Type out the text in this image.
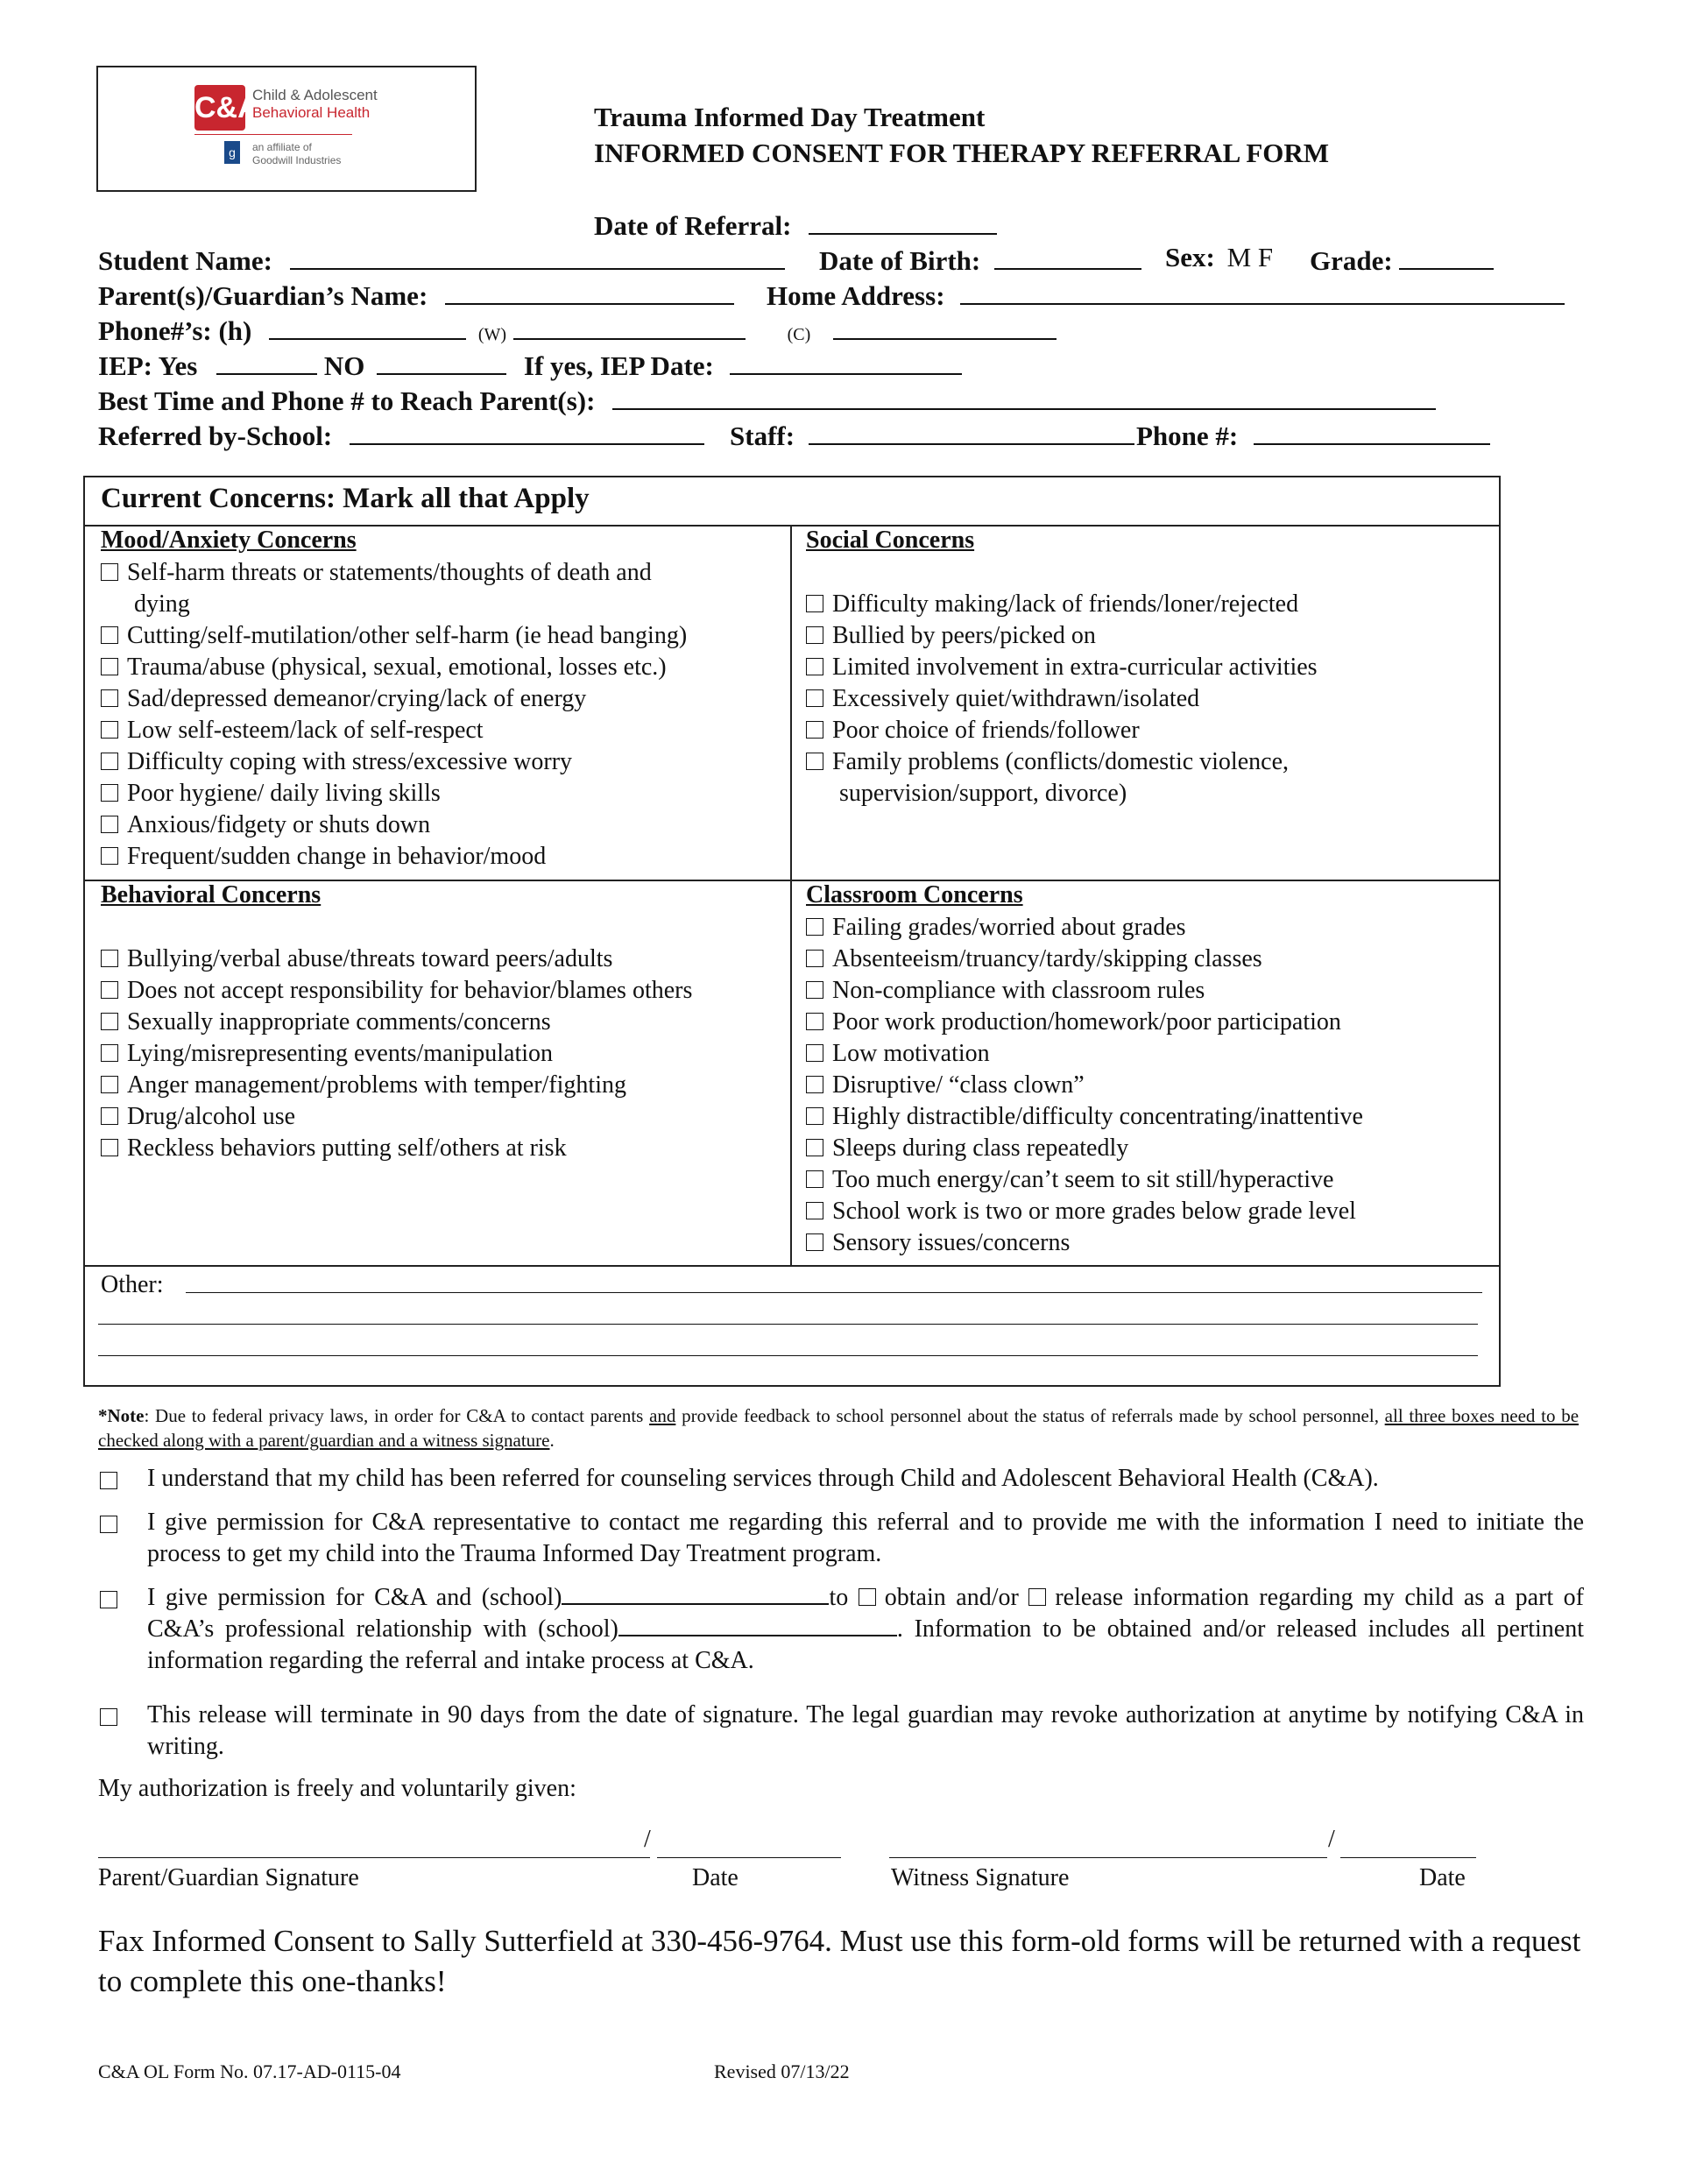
C&A
Child & Adolescent
Behavioral Health
g	an affiliate of
Goodwill Industries
Trauma Informed Day Treatment
INFORMED CONSENT FOR THERAPY REFERRAL FORM
Date of Referral:
Student Name:	Date of Birth:	Sex: M F Grade:
Parent(s)/Guardian’s Name:	Home Address:
Phone#’s: (h)	(W)	(C)
IEP: Yes	NO	If yes, IEP Date:
Best Time and Phone # to Reach Parent(s):
Referred by-School:	Staff:	Phone #:
Current Concerns: Mark all that Apply
Mood/Anxiety Concerns
Self-harm threats or statements/thoughts of death and
dying
Cutting/self-mutilation/other self-harm (ie head banging)
Trauma/abuse (physical, sexual, emotional, losses etc.)
Sad/depressed demeanor/crying/lack of energy
Low self-esteem/lack of self-respect
Difficulty coping with stress/excessive worry
Poor hygiene/ daily living skills
Anxious/fidgety or shuts down
Frequent/sudden change in behavior/mood
Social Concerns
Difficulty making/lack of friends/loner/rejected
Bullied by peers/picked on
Limited involvement in extra-curricular activities
Excessively quiet/withdrawn/isolated
Poor choice of friends/follower
Family problems (conflicts/domestic violence,
supervision/support, divorce)
Behavioral Concerns
Bullying/verbal abuse/threats toward peers/adults
Does not accept responsibility for behavior/blames others
Sexually inappropriate comments/concerns
Lying/misrepresenting events/manipulation
Anger management/problems with temper/fighting
Drug/alcohol use
Reckless behaviors putting self/others at risk
Classroom Concerns
Failing grades/worried about grades
Absenteeism/truancy/tardy/skipping classes
Non-compliance with classroom rules
Poor work production/homework/poor participation
Low motivation
Disruptive/ “class clown”
Highly distractible/difficulty concentrating/inattentive
Sleeps during class repeatedly
Too much energy/can’t seem to sit still/hyperactive
School work is two or more grades below grade level
Sensory issues/concerns
Other:
*Note: Due to federal privacy laws, in order for C&A to contact parents and provide feedback to school personnel about the status of referrals made by school personnel, all three boxes need to be checked along with a parent/guardian and a witness signature.
I understand that my child has been referred for counseling services through Child and Adolescent Behavioral Health (C&A).
I give permission for C&A representative to contact me regarding this referral and to provide me with the information I need to initiate the process to get my child into the Trauma Informed Day Treatment program.
I give permission for C&A and (school)	to obtain and/or release information regarding my child as a part of C&A’s professional relationship with (school)	. Information to be obtained and/or released includes all pertinent information regarding the referral and intake process at C&A.
This release will terminate in 90 days from the date of signature. The legal guardian may revoke authorization at anytime by notifying C&A in writing.
My authorization is freely and voluntarily given:
/
Parent/Guardian Signature	Date
/
Witness Signature	Date
Fax Informed Consent to Sally Sutterfield at 330-456-9764. Must use this form-old forms will be returned with a request to complete this one-thanks!
C&A OL Form No. 07.17-AD-0115-04	Revised 07/13/22
